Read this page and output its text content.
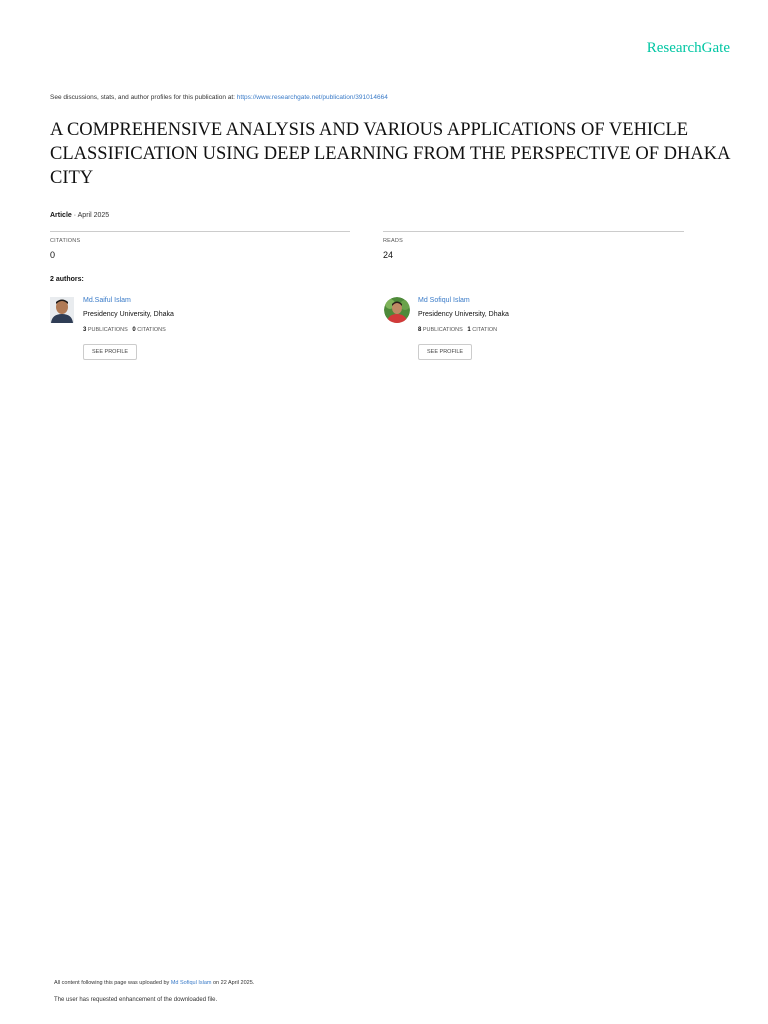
ResearchGate
See discussions, stats, and author profiles for this publication at: https://www.researchgate.net/publication/391014664
A COMPREHENSIVE ANALYSIS AND VARIOUS APPLICATIONS OF VEHICLE CLASSIFICATION USING DEEP LEARNING FROM THE PERSPECTIVE OF DHAKA CITY
Article · April 2025
CITATIONS
0
READS
24
2 authors:
Md.Saiful Islam
Presidency University, Dhaka
3 PUBLICATIONS 0 CITATIONS
SEE PROFILE
Md Sofiqul Islam
Presidency University, Dhaka
8 PUBLICATIONS 1 CITATION
SEE PROFILE
All content following this page was uploaded by Md Sofiqul Islam on 22 April 2025.
The user has requested enhancement of the downloaded file.
